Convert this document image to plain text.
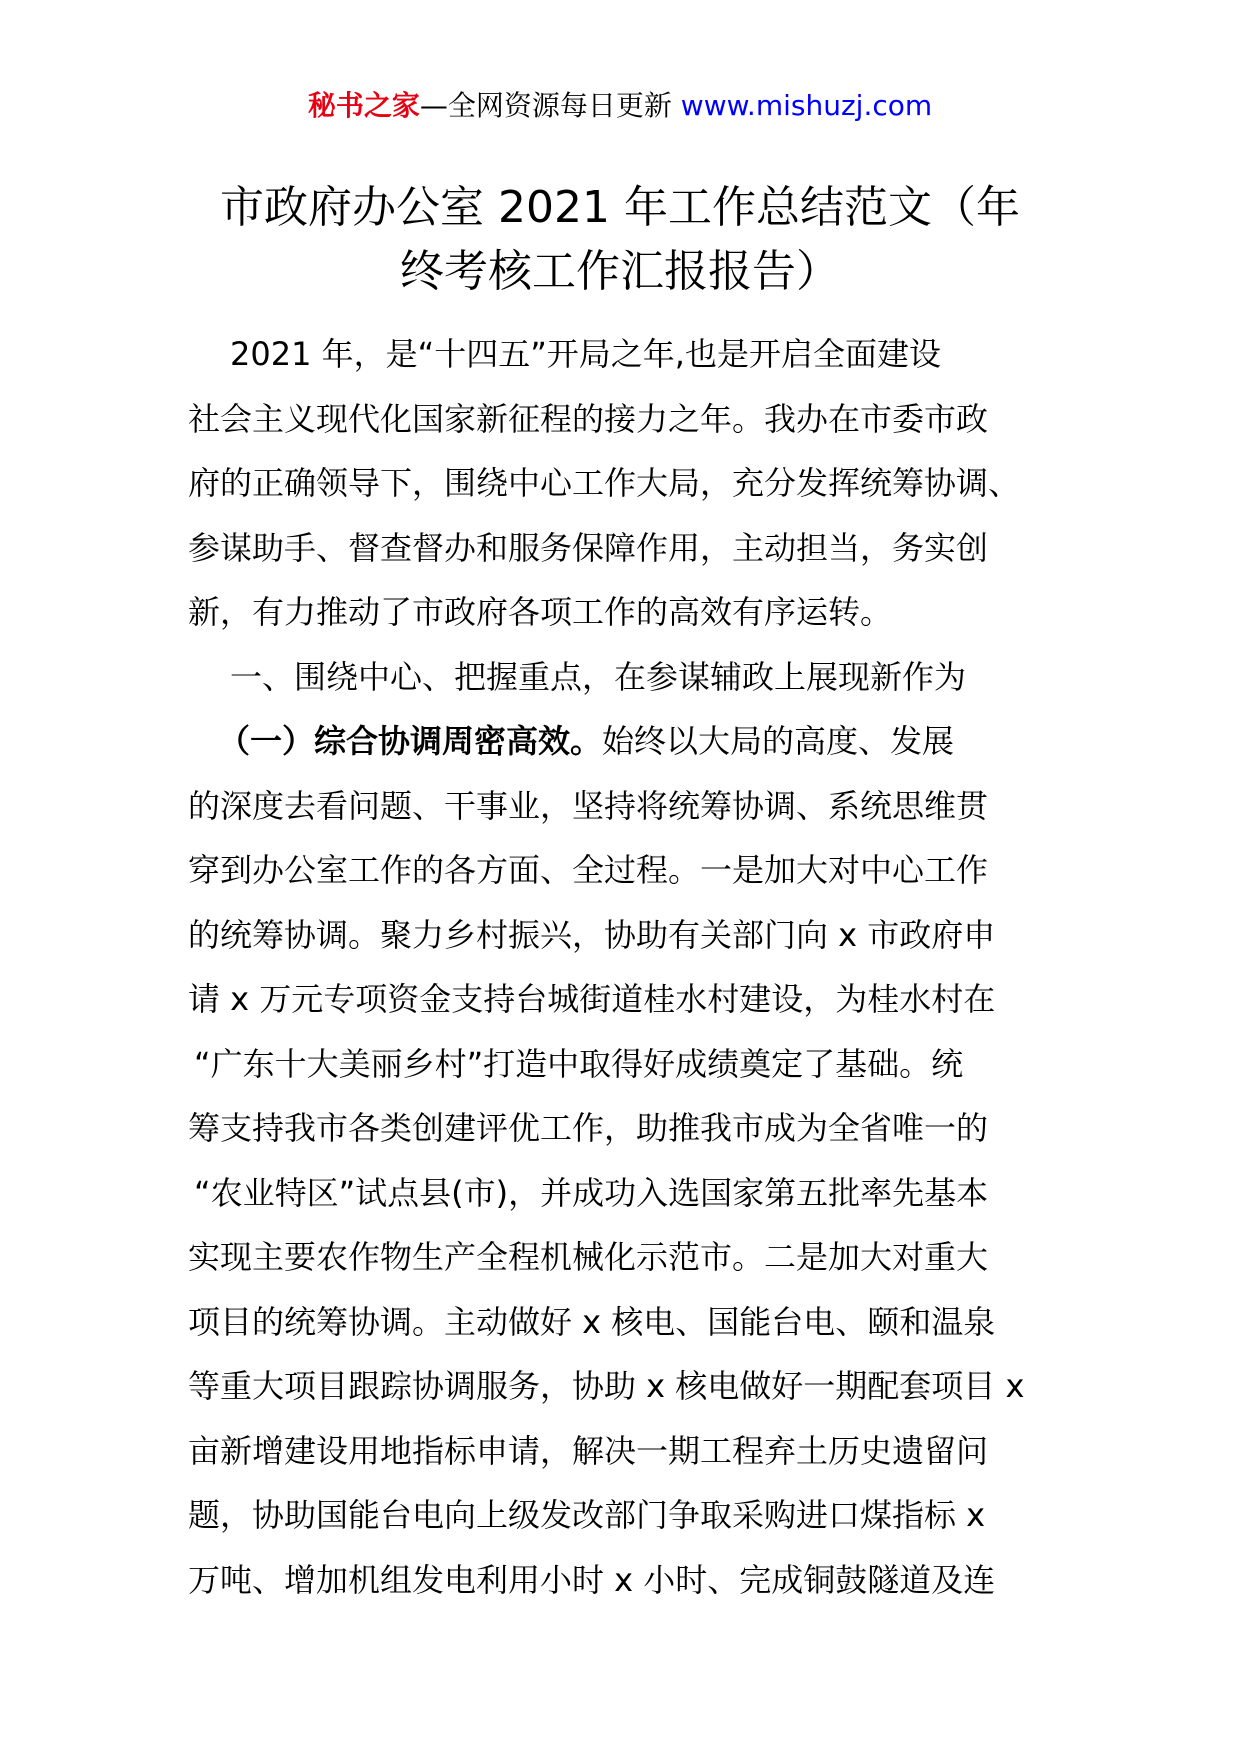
秘书之家—全网资源每日更新 www.mishuzj.com
市政府办公室 2021 年工作总结范文（年
终考核工作汇报报告）
2021 年，是“十四五”开局之年,也是开启全面建设
社会主义现代化国家新征程的接力之年。我办在市委市政
府的正确领导下，围绕中心工作大局，充分发挥统筹协调、
参谋助手、督查督办和服务保障作用，主动担当，务实创
新，有力推动了市政府各项工作的高效有序运转。
一、围绕中心、把握重点，在参谋辅政上展现新作为
（一）综合协调周密高效。始终以大局的高度、发展
的深度去看问题、干事业，坚持将统筹协调、系统思维贯
穿到办公室工作的各方面、全过程。一是加大对中心工作
的统筹协调。聚力乡村振兴，协助有关部门向 x 市政府申
请 x 万元专项资金支持台城街道桂水村建设，为桂水村在
“广东十大美丽乡村”打造中取得好成绩奠定了基础。统
筹支持我市各类创建评优工作，助推我市成为全省唯一的
“农业特区”试点县(市)，并成功入选国家第五批率先基本
实现主要农作物生产全程机械化示范市。二是加大对重大
项目的统筹协调。主动做好 x 核电、国能台电、颐和温泉
等重大项目跟踪协调服务，协助 x 核电做好一期配套项目 x
亩新增建设用地指标申请，解决一期工程弃土历史遗留问
题，协助国能台电向上级发改部门争取采购进口煤指标 x
万吨、增加机组发电利用小时 x 小时、完成铜鼓隧道及连
